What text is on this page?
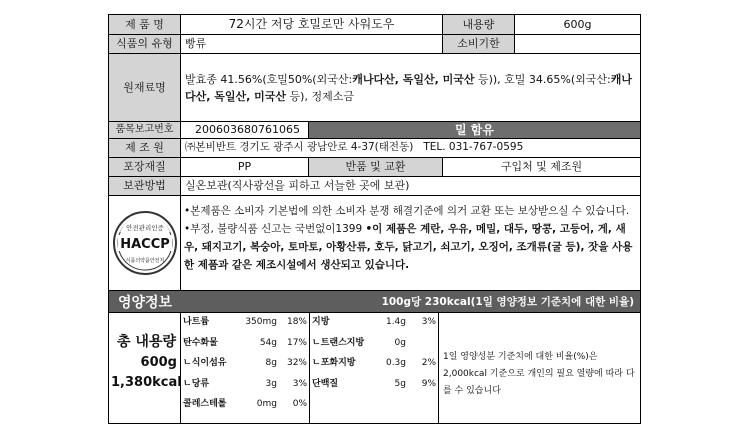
제 품 명	72시간 저당 호밀로만 사워도우	내용량	600g
식품의 유형	빵류	소비기한
원재료명
발효종 41.56%(호밀50%(외국산:캐나다산, 독일산, 미국산 등)), 호밀 34.65%(외국산:캐나다산, 독일산, 미국산 등), 정제소금
품목보고번호	200603680761065	밀 함유
제 조 원	㈜본비반트 경기도 광주시 광남안로 4-37(태전동)   TEL. 031-767-0595
포장재질	PP	반품 및 교환	구입처 및 제조원
보관방법	실온보관(직사광선을 피하고 서늘한 곳에 보관)
안전관리인증
HACCP
식품의약품안전처
•본제품은 소비자 기본법에 의한 소비자 분쟁 해결기준에 의거 교환 또는 보상받으실 수 있습니다. •부정, 불량식품 신고는 국번없이1399 •이 제품은 계란, 우유, 메밀, 대두, 땅콩, 고등어, 게, 새우, 돼지고기, 복숭아, 토마토, 아황산류, 호두, 닭고기, 쇠고기, 오징어, 조개류(굴 등), 잣을 사용한 제품과 같은 제조시설에서 생산되고 있습니다.
영양정보	100g당 230kcal(1일 영양정보 기준치에 대한 비율)
총 내용량
600g
1,380kcal
나트륨	350mg 18%
탄수화물	54g 17%
ㄴ식이섬유	8g 32%
ㄴ당류	3g 3%
콜레스테롤	0mg 0%
지방	1.4g 3%
ㄴ트랜스지방	0g
ㄴ포화지방	0.3g 2%
단백질	5g 9%
1일 영양성분 기준치에 대한 비율(%)은 2,000kcal 기준으로 개인의 필요 열량에 따라 다를 수 있습니다
